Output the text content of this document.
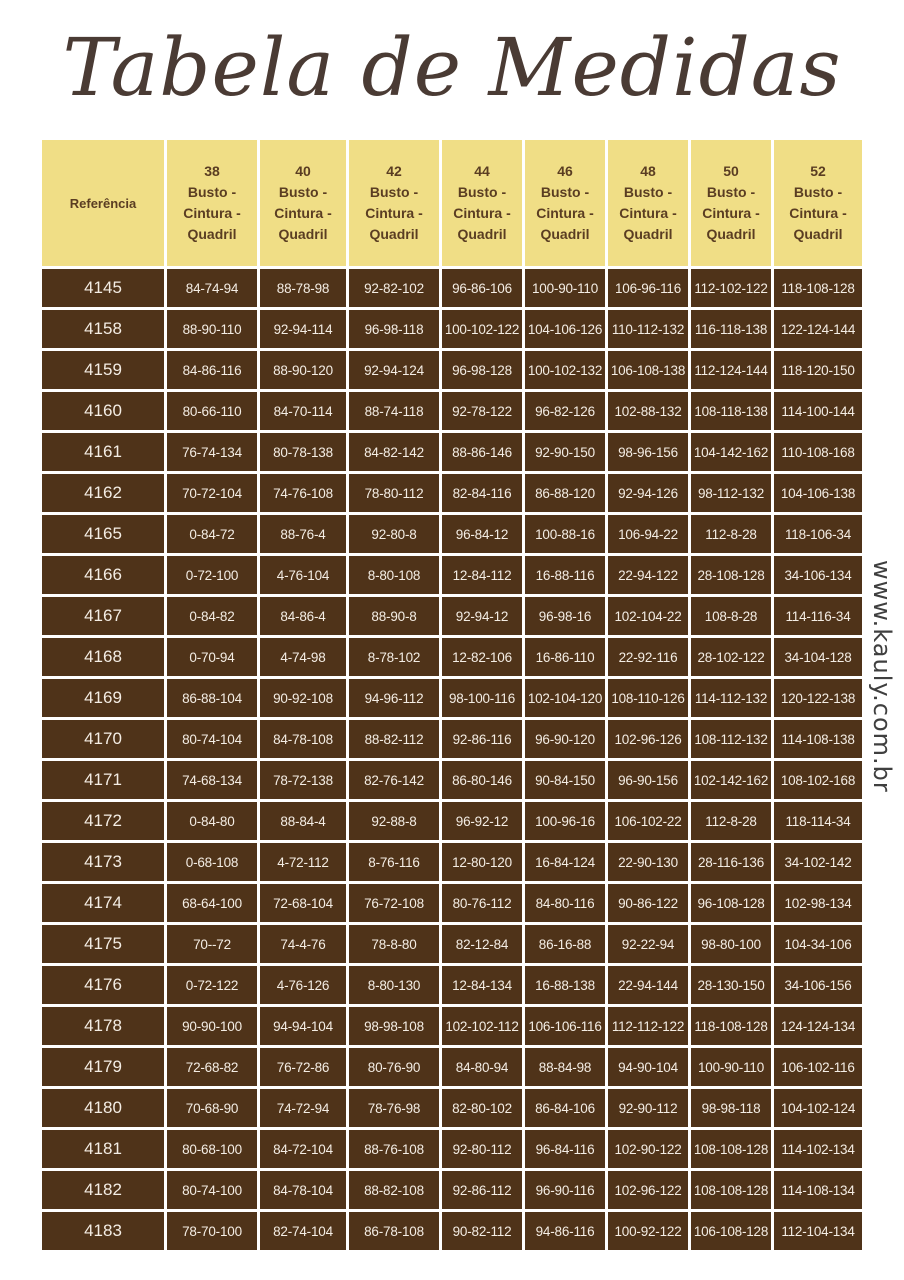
Tabela de Medidas
Referência	38
Busto -
Cintura -
Quadril	40
Busto -
Cintura -
Quadril	42
Busto -
Cintura -
Quadril	44
Busto -
Cintura -
Quadril	46
Busto -
Cintura -
Quadril	48
Busto -
Cintura -
Quadril	50
Busto -
Cintura -
Quadril	52
Busto -
Cintura -
Quadril

4145	84-74-94	88-78-98	92-82-102	96-86-106	100-90-110	106-96-116	112-102-122	118-108-128
4158	88-90-110	92-94-114	96-98-118	100-102-122	104-106-126	110-112-132	116-118-138	122-124-144
4159	84-86-116	88-90-120	92-94-124	96-98-128	100-102-132	106-108-138	112-124-144	118-120-150
4160	80-66-110	84-70-114	88-74-118	92-78-122	96-82-126	102-88-132	108-118-138	114-100-144
4161	76-74-134	80-78-138	84-82-142	88-86-146	92-90-150	98-96-156	104-142-162	110-108-168
4162	70-72-104	74-76-108	78-80-112	82-84-116	86-88-120	92-94-126	98-112-132	104-106-138
4165	0-84-72	88-76-4	92-80-8	96-84-12	100-88-16	106-94-22	112-8-28	118-106-34
4166	0-72-100	4-76-104	8-80-108	12-84-112	16-88-116	22-94-122	28-108-128	34-106-134
4167	0-84-82	84-86-4	88-90-8	92-94-12	96-98-16	102-104-22	108-8-28	114-116-34
4168	0-70-94	4-74-98	8-78-102	12-82-106	16-86-110	22-92-116	28-102-122	34-104-128
4169	86-88-104	90-92-108	94-96-112	98-100-116	102-104-120	108-110-126	114-112-132	120-122-138
4170	80-74-104	84-78-108	88-82-112	92-86-116	96-90-120	102-96-126	108-112-132	114-108-138
4171	74-68-134	78-72-138	82-76-142	86-80-146	90-84-150	96-90-156	102-142-162	108-102-168
4172	0-84-80	88-84-4	92-88-8	96-92-12	100-96-16	106-102-22	112-8-28	118-114-34
4173	0-68-108	4-72-112	8-76-116	12-80-120	16-84-124	22-90-130	28-116-136	34-102-142
4174	68-64-100	72-68-104	76-72-108	80-76-112	84-80-116	90-86-122	96-108-128	102-98-134
4175	70--72	74-4-76	78-8-80	82-12-84	86-16-88	92-22-94	98-80-100	104-34-106
4176	0-72-122	4-76-126	8-80-130	12-84-134	16-88-138	22-94-144	28-130-150	34-106-156
4178	90-90-100	94-94-104	98-98-108	102-102-112	106-106-116	112-112-122	118-108-128	124-124-134
4179	72-68-82	76-72-86	80-76-90	84-80-94	88-84-98	94-90-104	100-90-110	106-102-116
4180	70-68-90	74-72-94	78-76-98	82-80-102	86-84-106	92-90-112	98-98-118	104-102-124
4181	80-68-100	84-72-104	88-76-108	92-80-112	96-84-116	102-90-122	108-108-128	114-102-134
4182	80-74-100	84-78-104	88-82-108	92-86-112	96-90-116	102-96-122	108-108-128	114-108-134
4183	78-70-100	82-74-104	86-78-108	90-82-112	94-86-116	100-92-122	106-108-128	112-104-134
www.kauly.com.br
